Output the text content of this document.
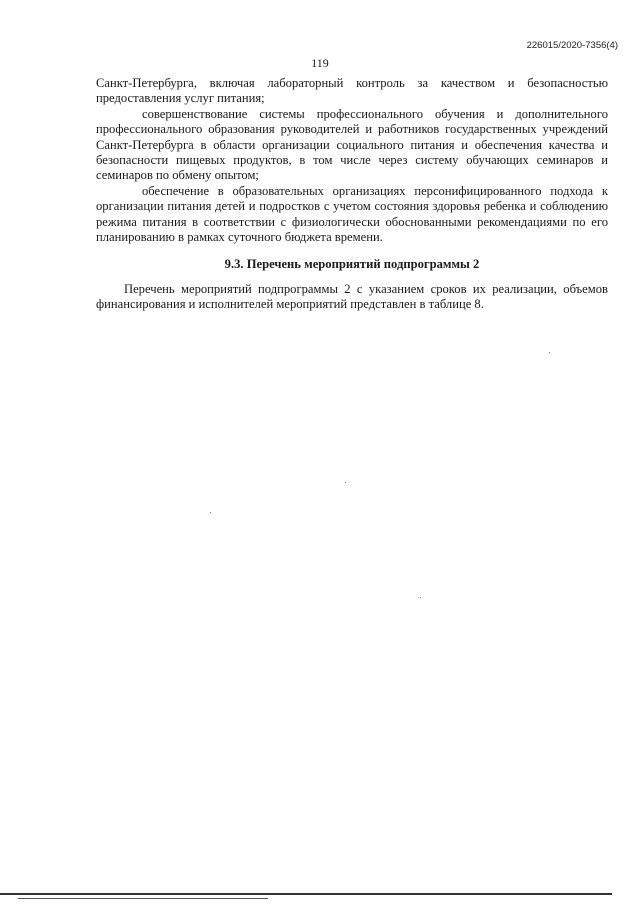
226015/2020-7356(4)
119

Санкт-Петербурга, включая лабораторный контроль за качеством и безопасностью предоставления услуг питания;

совершенствование системы профессионального обучения и дополнительного профессионального образования руководителей и работников государственных учреждений Санкт-Петербурга в области организации социального питания и обеспечения качества и безопасности пищевых продуктов, в том числе через систему обучающих семинаров и семинаров по обмену опытом;

обеспечение в образовательных организациях персонифицированного подхода к организации питания детей и подростков с учетом состояния здоровья ребенка и соблюдению режима питания в соответствии с физиологически обоснованными рекомендациями по его планированию в рамках суточного бюджета времени.

9.3. Перечень мероприятий подпрограммы 2

Перечень мероприятий подпрограммы 2 с указанием сроков их реализации, объемов финансирования и исполнителей мероприятий представлен в таблице 8.
